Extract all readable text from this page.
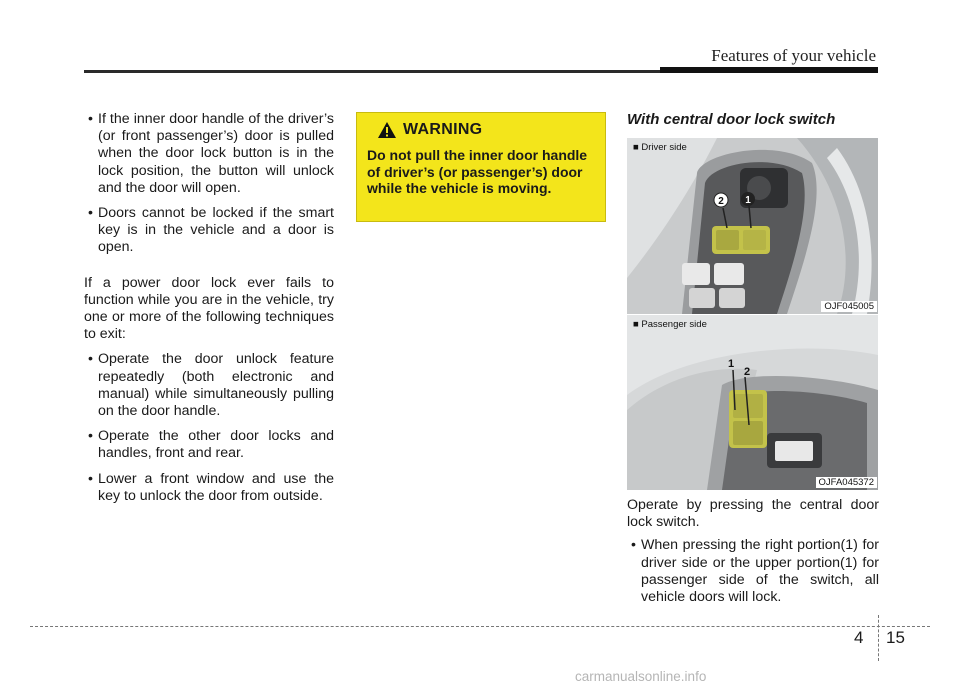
Features of your vehicle

• If the inner door handle of the driver’s (or front passenger’s) door is pulled when the door lock button is in the lock position, the button will unlock and the door will open.

• Doors cannot be locked if the smart key is in the vehicle and a door is open.

If a power door lock ever fails to function while you are in the vehicle, try one or more of the following techniques to exit:

• Operate the door unlock feature repeatedly (both electronic and manual) while simultaneously pulling on the door handle.

• Operate the other door locks and handles, front and rear.

• Lower a front window and use the key to unlock the door from outside.

WARNING
Do not pull the inner door handle of driver’s (or passenger’s) door while the vehicle is moving.
With central door lock switch
2 1
■ Driver side
OJF045005
1
2
■ Passenger side
OJFA045372

Operate by pressing the central door lock switch.

• When pressing the right portion(1) for driver side or the upper portion(1) for passenger side of the switch, all vehicle doors will lock.

4 15
carmanualsonline.info
